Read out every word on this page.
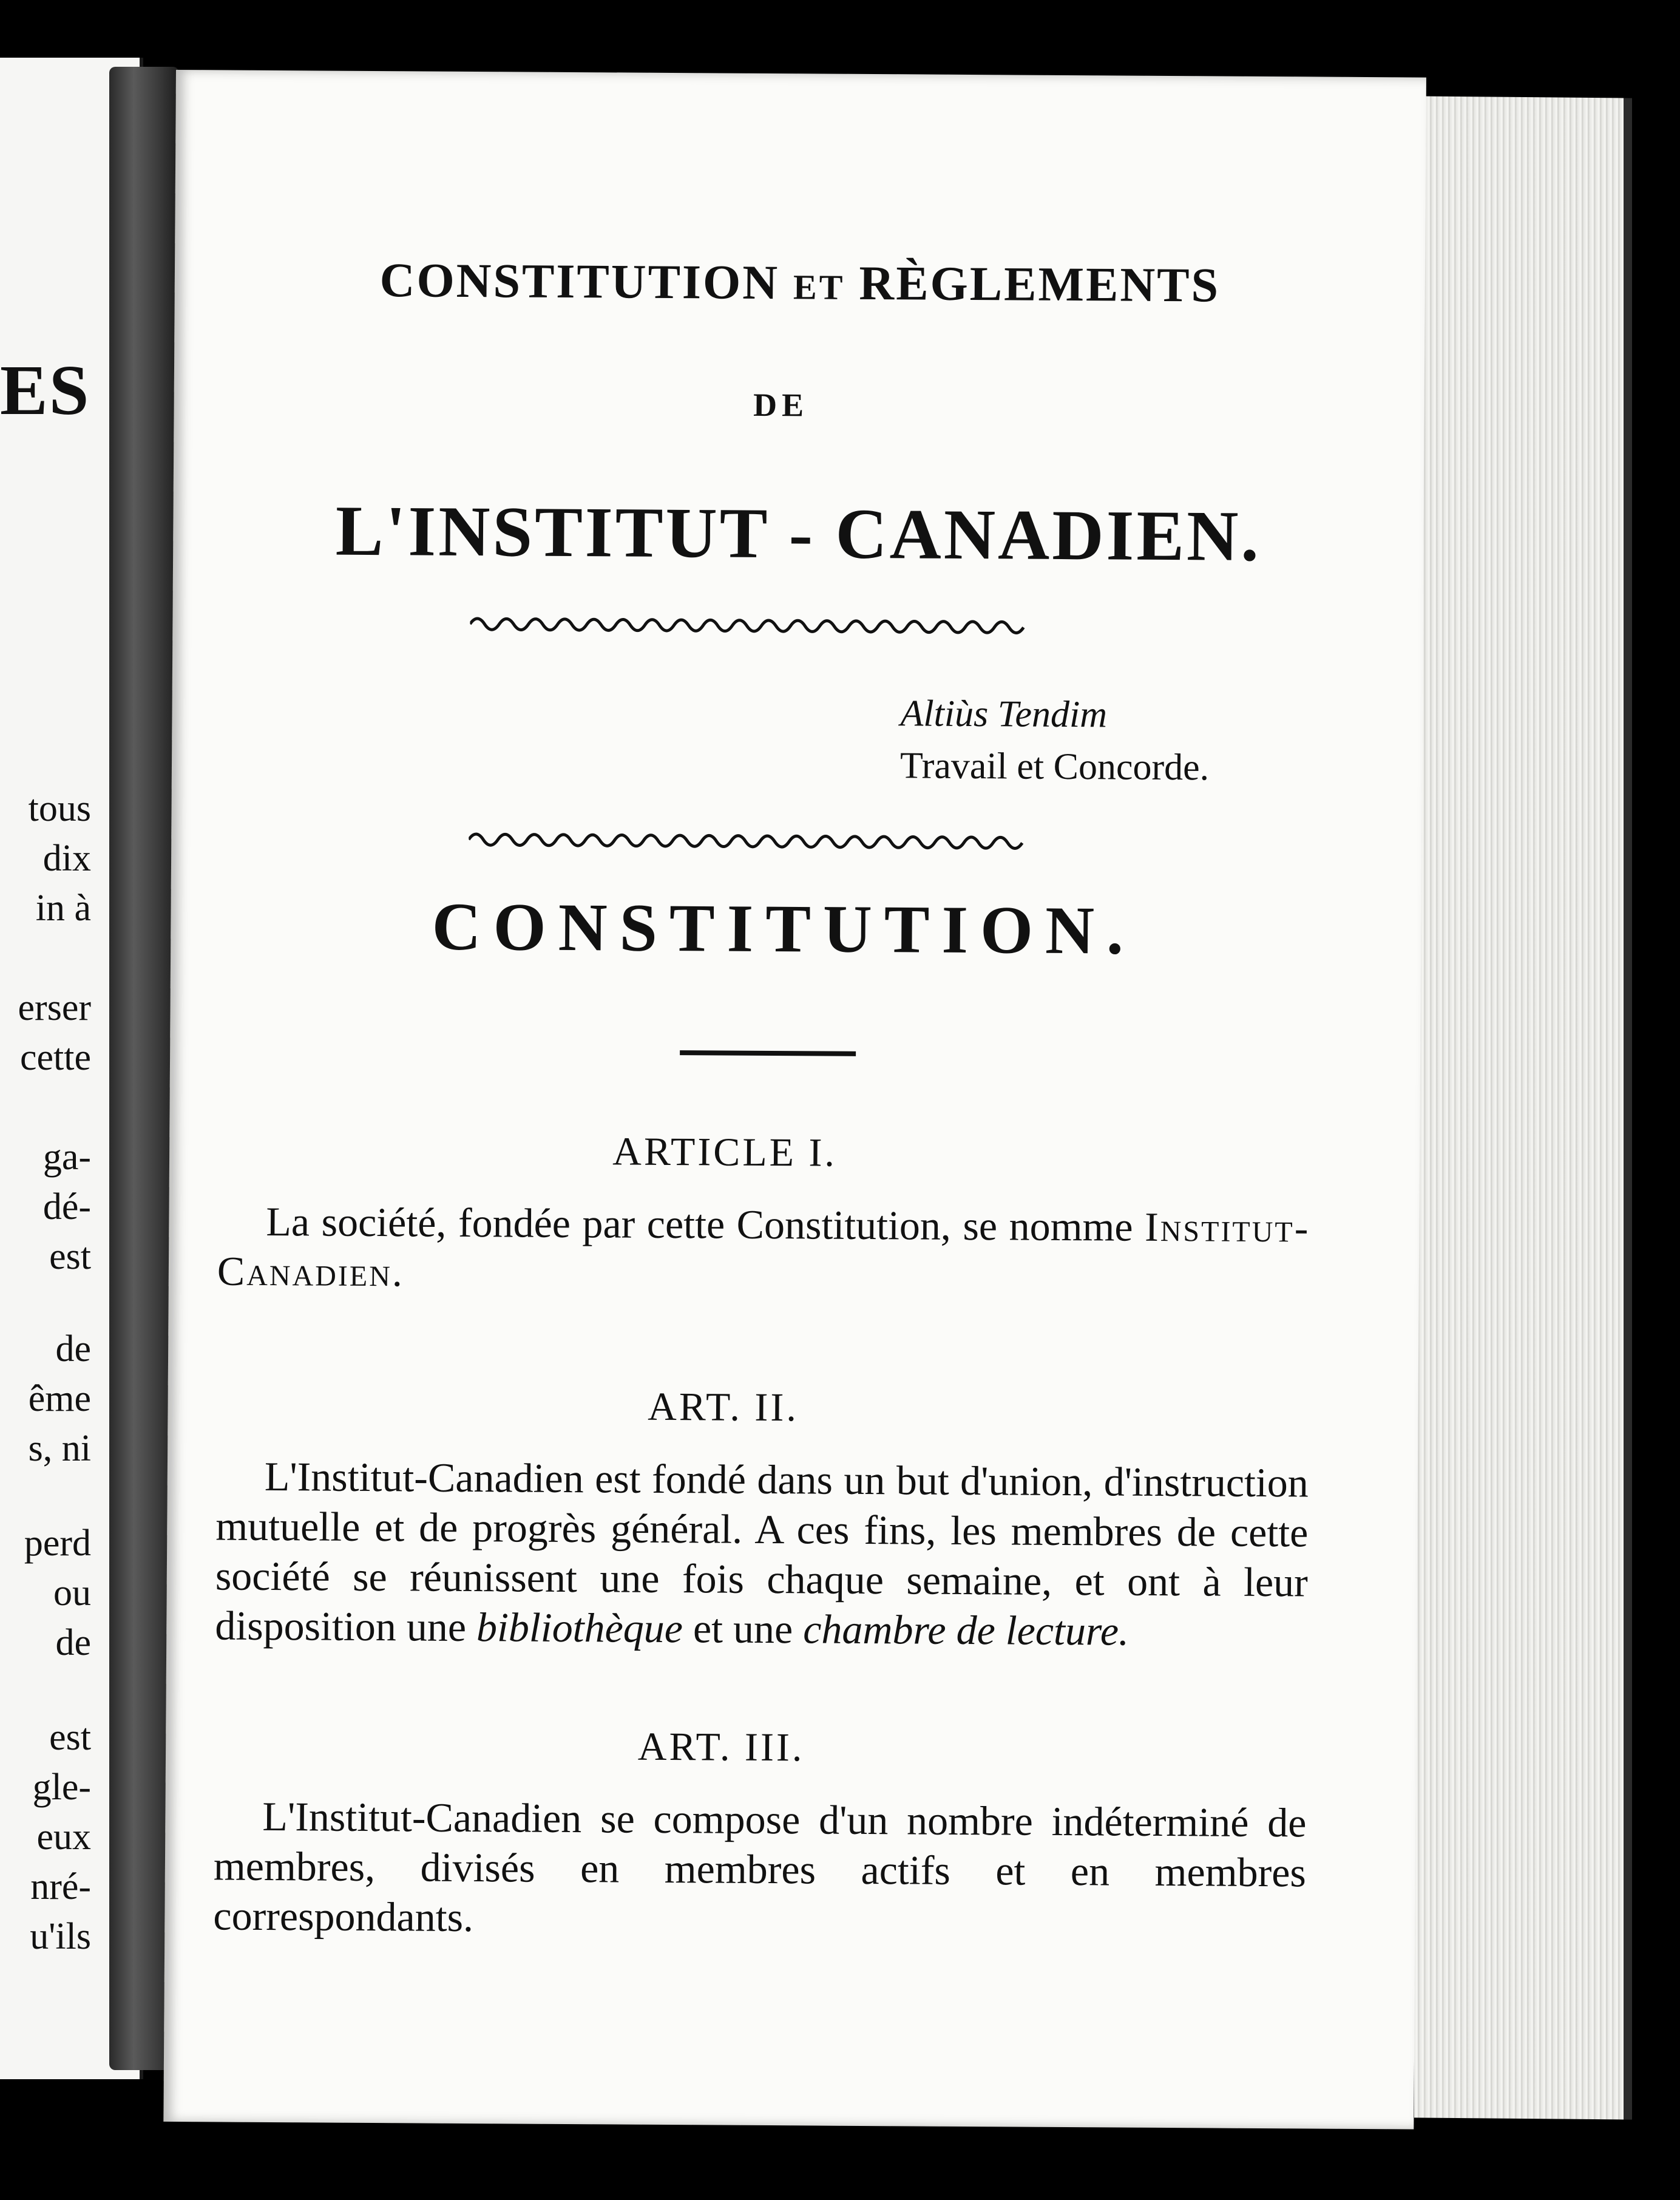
ES
tous
dix
in à
erser
cette
ga-
dé-
est
de
ême
s, ni
perd
ou
de
est
gle-
eux
nré-
u'ils
CONSTITUTION ET RÈGLEMENTS
DE
L'INSTITUT - CANADIEN.
Altiùs Tendim
Travail et Concorde.
CONSTITUTION.
ARTICLE I.
La société, fondée par cette Constitution, se nomme Institut-Canadien.
ART. II.
L'Institut-Canadien est fondé dans un but d'union, d'instruction mutuelle et de progrès général. A ces fins, les membres de cette société se réunissent une fois chaque semaine, et ont à leur disposition une bibliothèque et une chambre de lecture.
ART. III.
L'Institut-Canadien se compose d'un nombre indéterminé de membres, divisés en membres actifs et en membres correspondants.
